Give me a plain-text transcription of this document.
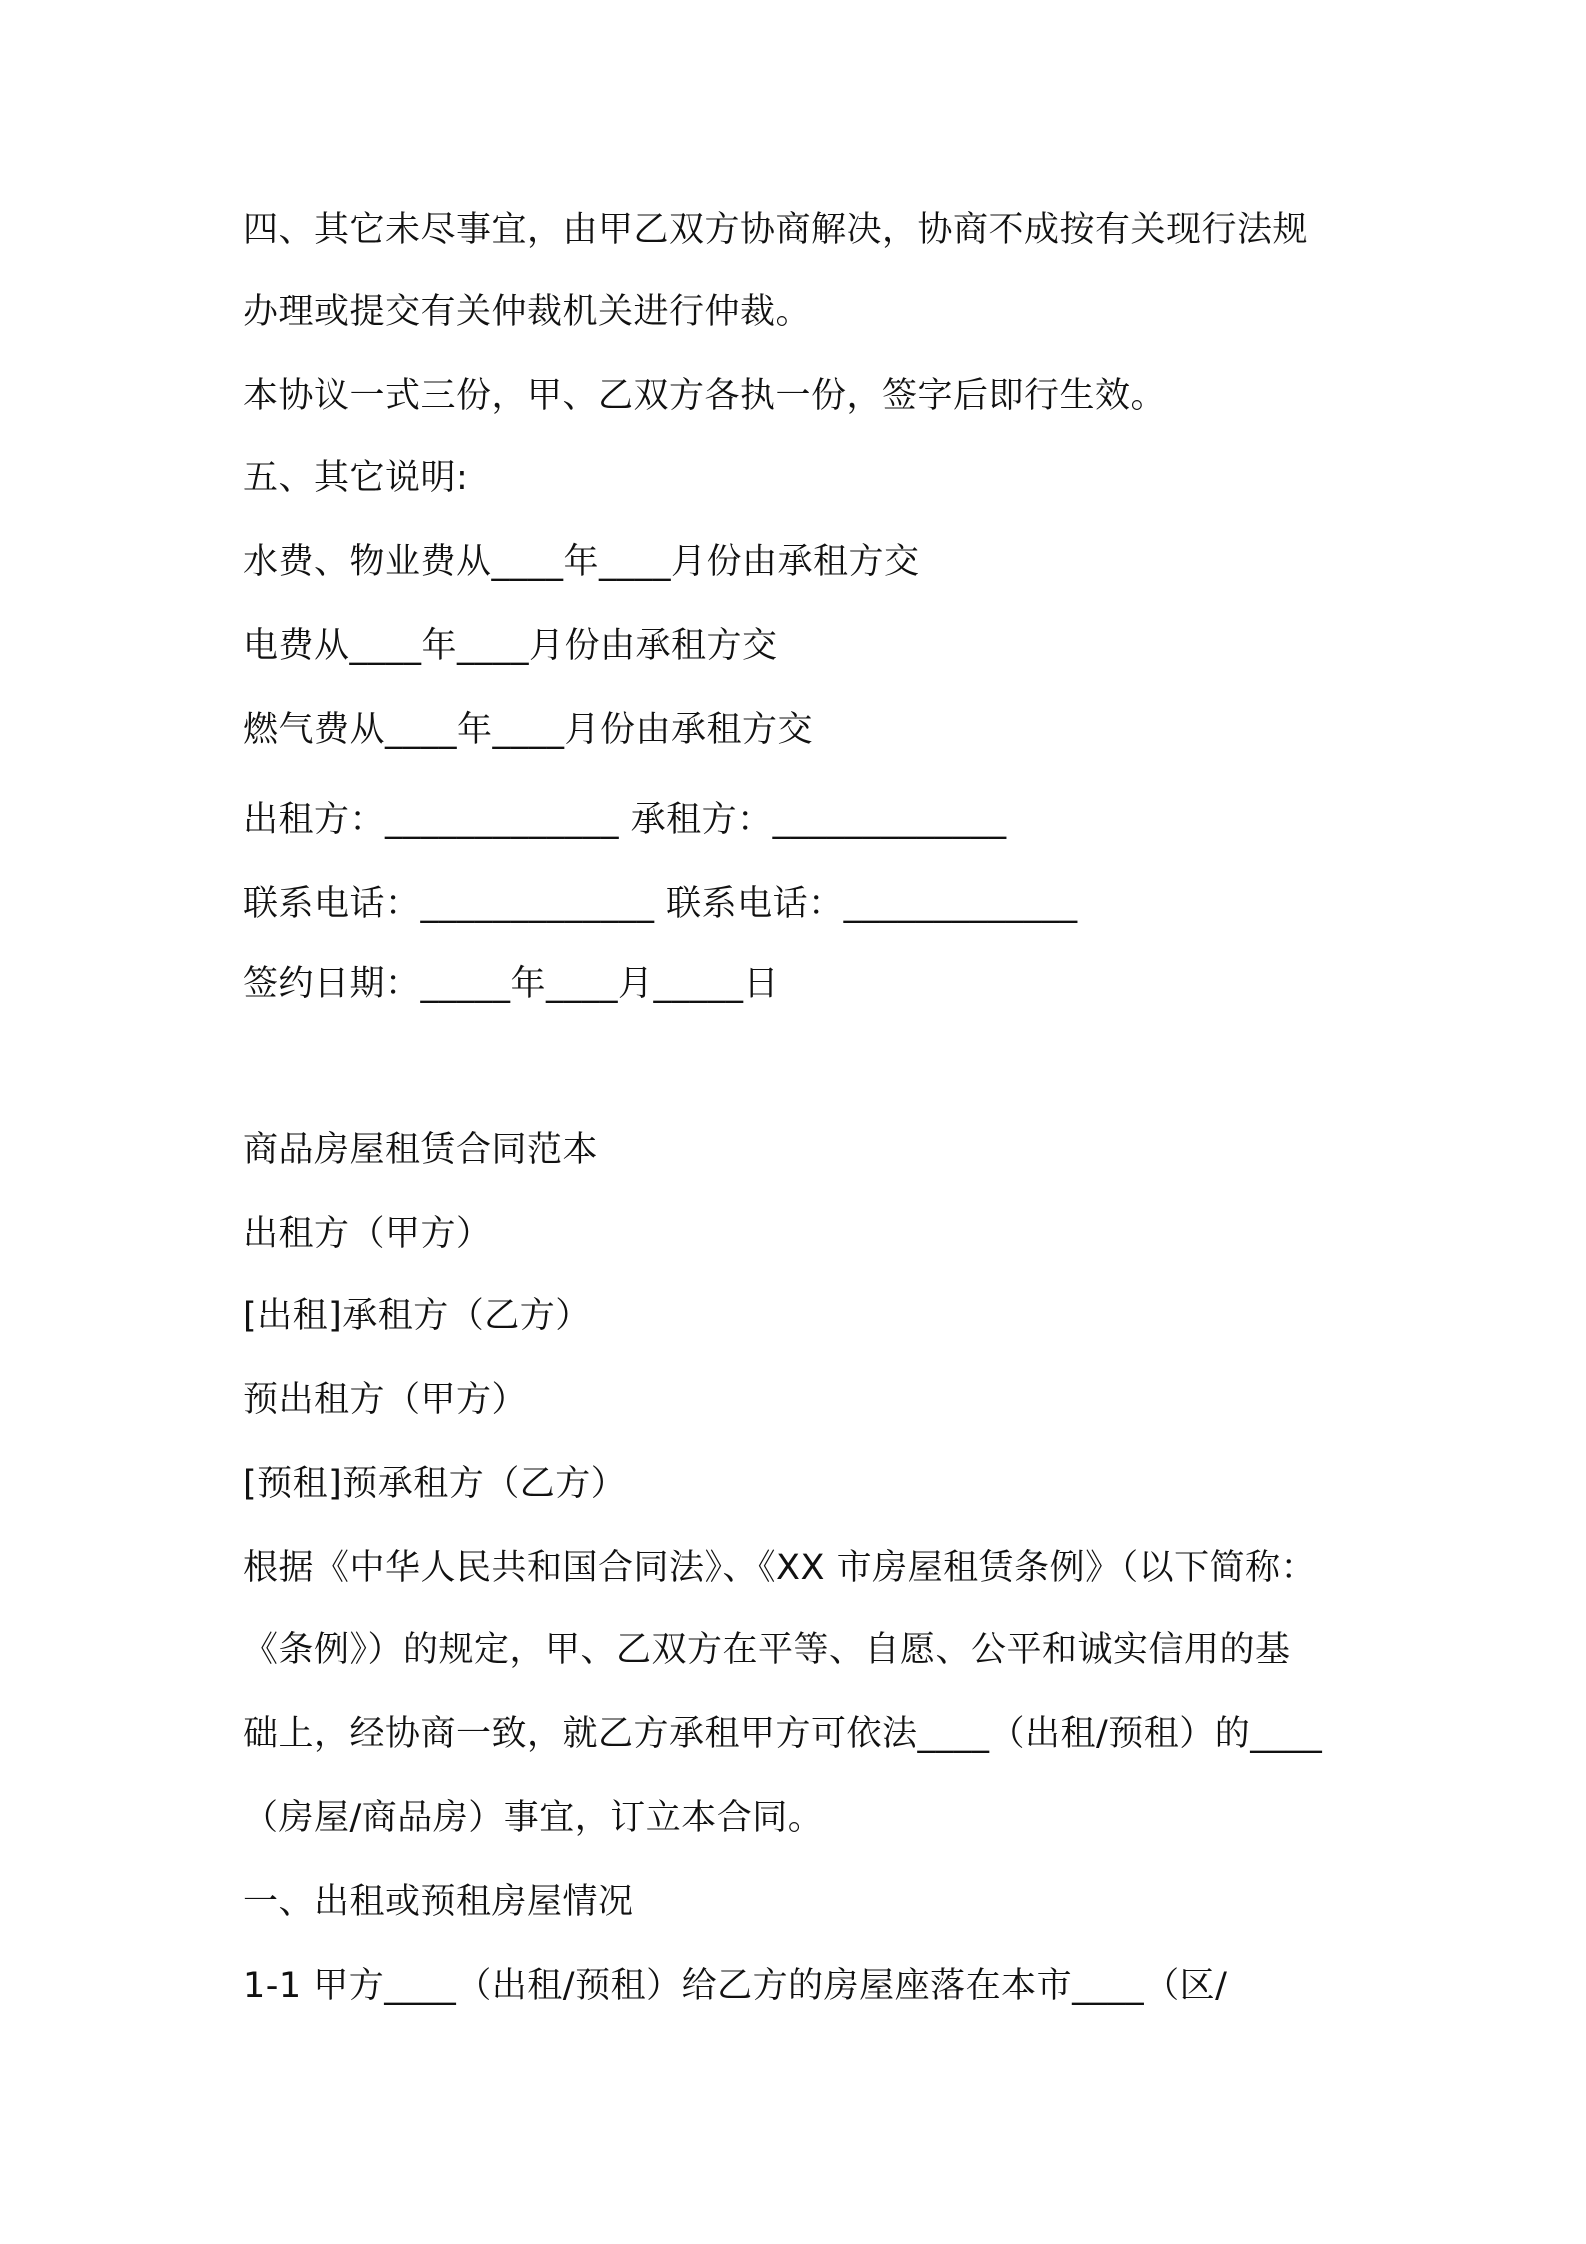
四、其它未尽事宜，由甲乙双方协商解决，协商不成按有关现行法规
办理或提交有关仲裁机关进行仲裁。
本协议一式三份，甲、乙双方各执一份，签字后即行生效。
五、其它说明:
水费、物业费从____年____月份由承租方交
电费从____年____月份由承租方交
燃气费从____年____月份由承租方交
出租方：_____________ 承租方：_____________
联系电话：_____________ 联系电话：_____________
签约日期：_____年____月_____日
商品房屋租赁合同范本
出租方（甲方）
[出租]承租方（乙方）
预出租方（甲方）
[预租]预承租方（乙方）
根据《中华人民共和国合同法》、《XX 市房屋租赁条例》（以下简称：
《条例》）的规定，甲、乙双方在平等、自愿、公平和诚实信用的基
础上，经协商一致，就乙方承租甲方可依法____（出租/预租）的____
（房屋/商品房）事宜，订立本合同。
一、出租或预租房屋情况
1-1 甲方____（出租/预租）给乙方的房屋座落在本市____（区/
